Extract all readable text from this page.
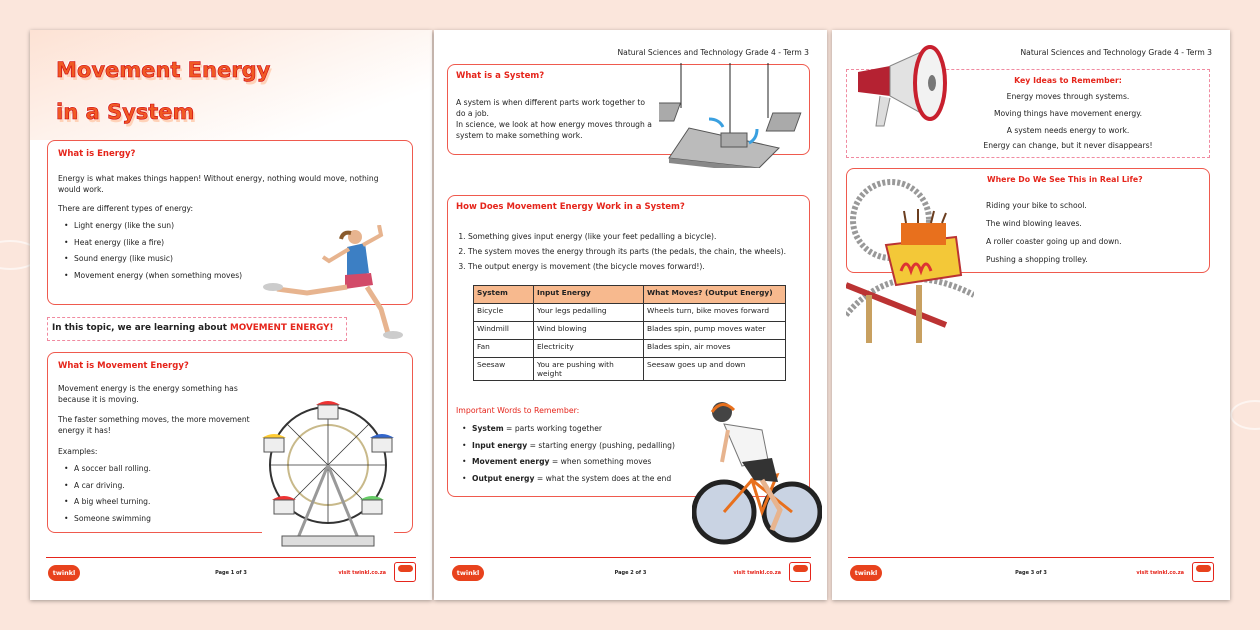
Movement Energy
in a System
What is Energy?
Energy is what makes things happen! Without energy, nothing would move, nothing would work.
There are different types of energy:
• Light energy (like the sun)
• Heat energy (like a fire)
• Sound energy (like music)
• Movement energy (when something moves)
In this topic, we are learning about MOVEMENT ENERGY!
What is Movement Energy?
Movement energy is the energy something has because it is moving.
The faster something moves, the more movement energy it has!
Examples:
• A soccer ball rolling.
• A car driving.
• A big wheel turning.
• Someone swimming
twinkl	Page 1 of 3	visit twinkl.co.za
Natural Sciences and Technology Grade 4 - Term 3
What is a System?
A system is when different parts work together to do a job.
In science, we look at how energy moves through a system to make something work.
How Does Movement Energy Work in a System?
1. Something gives input energy (like your feet pedalling a bicycle).
2. The system moves the energy through its parts (the pedals, the chain, the wheels).
3. The output energy is movement (the bicycle moves forward!).
System	Input Energy	What Moves? (Output Energy)
Bicycle	Your legs pedalling	Wheels turn, bike moves forward
Windmill	Wind blowing	Blades spin, pump moves water
Fan	Electricity	Blades spin, air moves
Seesaw	You are pushing with weight	Seesaw goes up and down
Important Words to Remember:
• System = parts working together
• Input energy = starting energy (pushing, pedalling)
• Movement energy = when something moves
• Output energy = what the system does at the end
twinkl	Page 2 of 3	visit twinkl.co.za
Natural Sciences and Technology Grade 4 - Term 3
Key Ideas to Remember:
Energy moves through systems.
Moving things have movement energy.
A system needs energy to work.
Energy can change, but it never disappears!
Where Do We See This in Real Life?
Riding your bike to school.
The wind blowing leaves.
A roller coaster going up and down.
Pushing a shopping trolley.
twinkl	Page 3 of 3	visit twinkl.co.za
